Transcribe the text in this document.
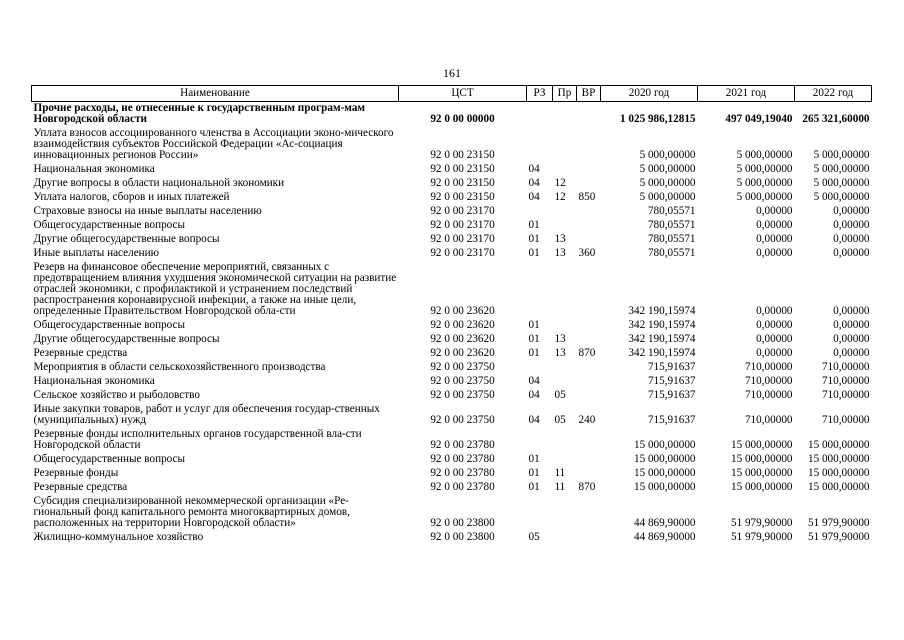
161
Наименование	ЦСТ	РЗ	Пр	ВР	2020 год	2021 год	2022 год
Прочие расходы, не отнесенные к государственным програм-мам Новгородской области	92 0 00 00000				1 025 986,12815	497 049,19040	265 321,60000
Уплата взносов ассоциированного членства в Ассоциации эконо-мического взаимодействия субъектов Российской Федерации «Ас-социация инновационных регионов России»	92 0 00 23150				5 000,00000	5 000,00000	5 000,00000
Национальная экономика	92 0 00 23150	04			5 000,00000	5 000,00000	5 000,00000
Другие вопросы в области национальной экономики	92 0 00 23150	04	12		5 000,00000	5 000,00000	5 000,00000
Уплата налогов, сборов и иных платежей	92 0 00 23150	04	12	850	5 000,00000	5 000,00000	5 000,00000
Страховые взносы на иные выплаты населению	92 0 00 23170				780,05571	0,00000	0,00000
Общегосударственные вопросы	92 0 00 23170	01			780,05571	0,00000	0,00000
Другие общегосударственные вопросы	92 0 00 23170	01	13		780,05571	0,00000	0,00000
Иные выплаты населению	92 0 00 23170	01	13	360	780,05571	0,00000	0,00000
Резерв на финансовое обеспечение мероприятий, связанных с предотвращением влияния ухудшения экономической ситуации на развитие отраслей экономики, с профилактикой и устранением последствий распространения коронавирусной инфекции, а также на иные цели, определенные Правительством Новгородской обла-сти	92 0 00 23620				342 190,15974	0,00000	0,00000
Общегосударственные вопросы	92 0 00 23620	01			342 190,15974	0,00000	0,00000
Другие общегосударственные вопросы	92 0 00 23620	01	13		342 190,15974	0,00000	0,00000
Резервные средства	92 0 00 23620	01	13	870	342 190,15974	0,00000	0,00000
Мероприятия в области сельскохозяйственного производства	92 0 00 23750				715,91637	710,00000	710,00000
Национальная экономика	92 0 00 23750	04			715,91637	710,00000	710,00000
Сельское хозяйство и рыболовство	92 0 00 23750	04	05		715,91637	710,00000	710,00000
Иные закупки товаров, работ и услуг для обеспечения государ-ственных (муниципальных) нужд	92 0 00 23750	04	05	240	715,91637	710,00000	710,00000
Резервные фонды исполнительных органов государственной вла-сти Новгородской области	92 0 00 23780				15 000,00000	15 000,00000	15 000,00000
Общегосударственные вопросы	92 0 00 23780	01			15 000,00000	15 000,00000	15 000,00000
Резервные фонды	92 0 00 23780	01	11		15 000,00000	15 000,00000	15 000,00000
Резервные средства	92 0 00 23780	01	11	870	15 000,00000	15 000,00000	15 000,00000
Субсидия специализированной некоммерческой организации «Ре-гиональный фонд капитального ремонта многоквартирных домов, расположенных на территории Новгородской области»	92 0 00 23800				44 869,90000	51 979,90000	51 979,90000
Жилищно-коммунальное хозяйство	92 0 00 23800	05			44 869,90000	51 979,90000	51 979,90000
